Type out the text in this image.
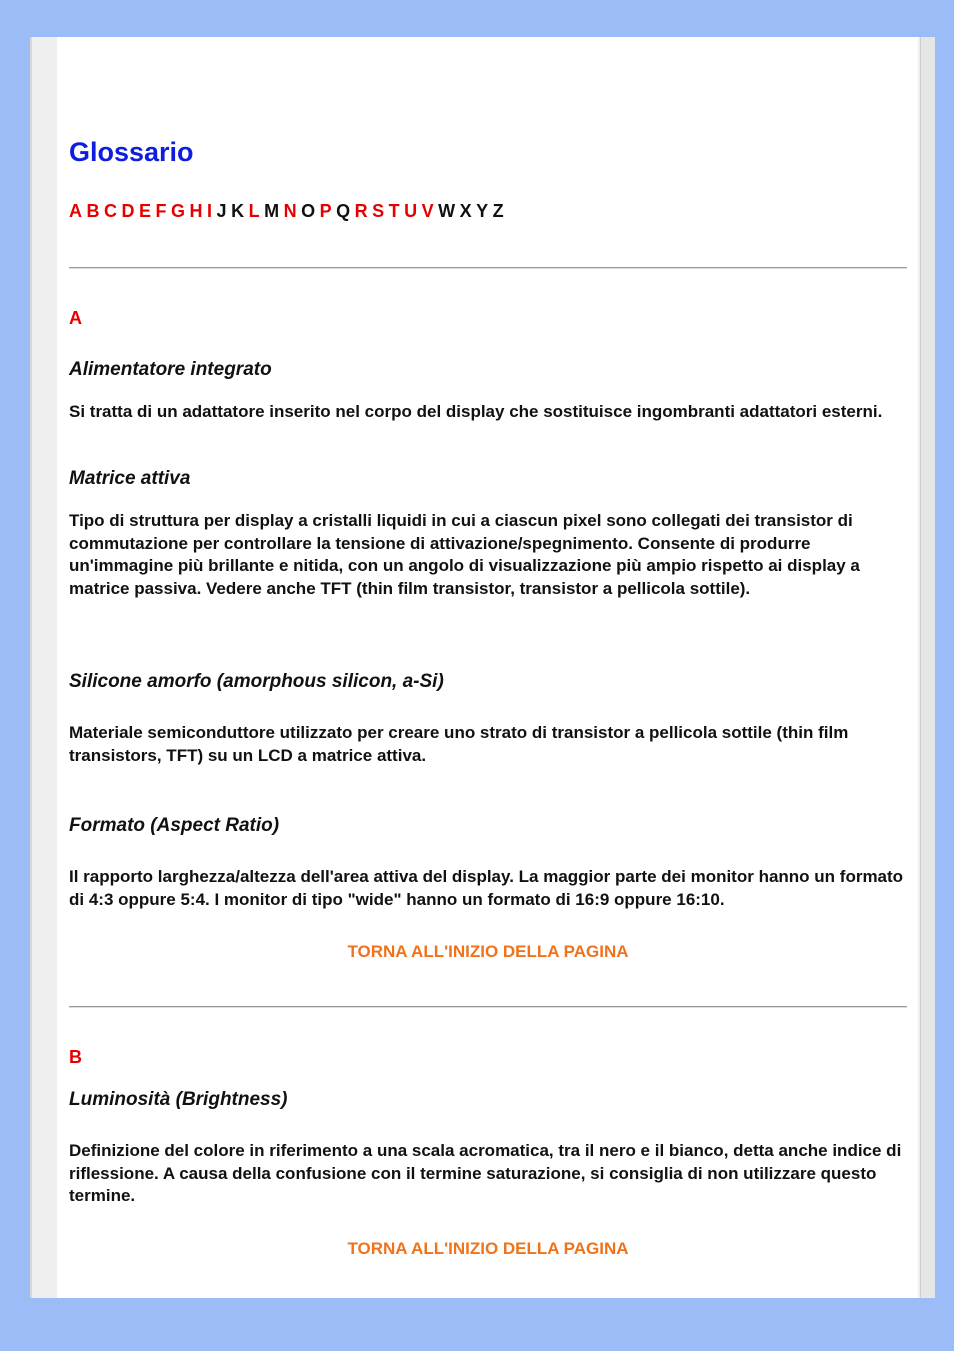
Glossario
A B C D E F G H I J K L M N O P Q R S T U V W X Y Z
A
Alimentatore integrato
Si tratta di un adattatore inserito nel corpo del display che sostituisce ingombranti adattatori esterni.
Matrice attiva
Tipo di struttura per display a cristalli liquidi in cui a ciascun pixel sono collegati dei transistor di commutazione per controllare la tensione di attivazione/spegnimento. Consente di produrre un'immagine più brillante e nitida, con un angolo di visualizzazione più ampio rispetto ai display a matrice passiva. Vedere anche TFT (thin film transistor, transistor a pellicola sottile).
Silicone amorfo (amorphous silicon, a-Si)
Materiale semiconduttore utilizzato per creare uno strato di transistor a pellicola sottile (thin film transistors, TFT) su un LCD a matrice attiva.
Formato (Aspect Ratio)
Il rapporto larghezza/altezza dell'area attiva del display. La maggior parte dei monitor hanno un formato di 4:3 oppure 5:4. I monitor di tipo "wide" hanno un formato di 16:9 oppure 16:10.
TORNA ALL'INIZIO DELLA PAGINA
B
Luminosità (Brightness)
Definizione del colore in riferimento a una scala acromatica, tra il nero e il bianco, detta anche indice di riflessione. A causa della confusione con il termine saturazione, si consiglia di non utilizzare questo termine.
TORNA ALL'INIZIO DELLA PAGINA
